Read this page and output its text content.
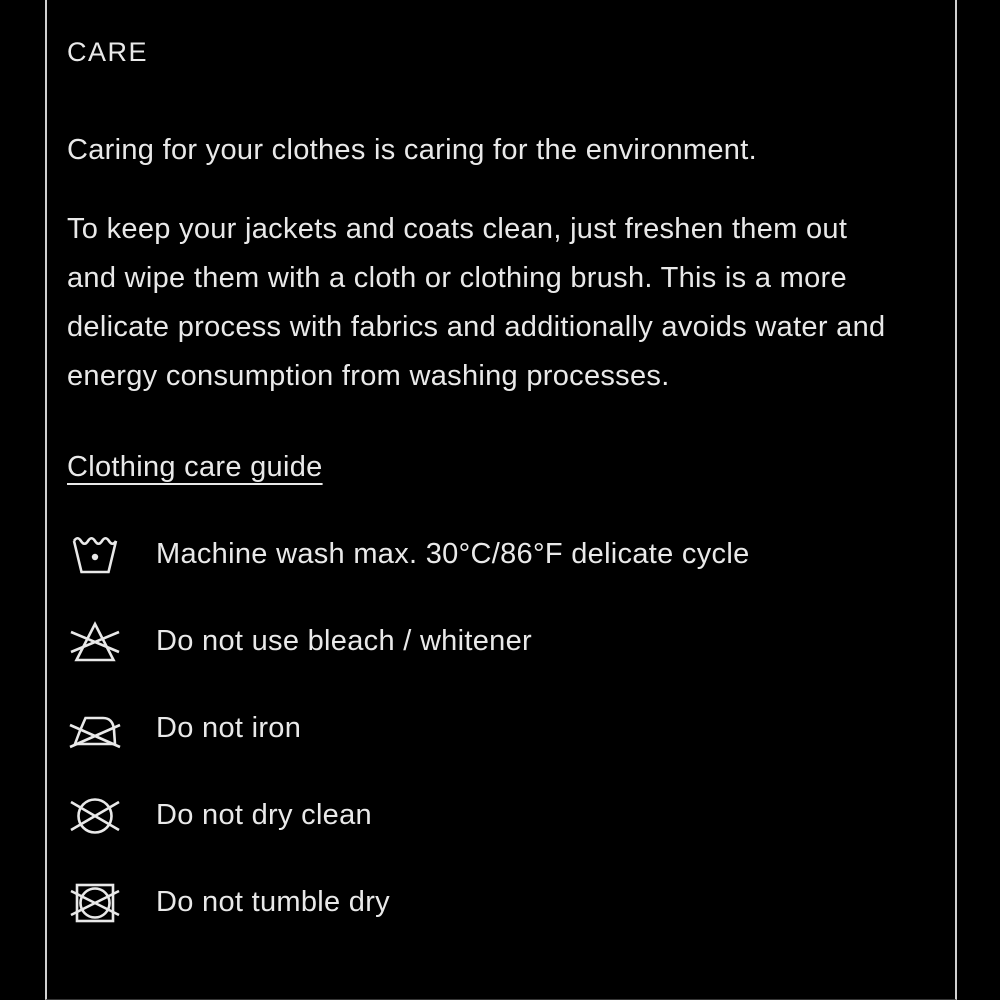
CARE

Caring for your clothes is caring for the environment.

To keep your jackets and coats clean, just freshen them out and wipe them with a cloth or clothing brush. This is a more delicate process with fabrics and additionally avoids water and energy consumption from washing processes.

Clothing care guide
Machine wash max. 30°C/86°F delicate cycle
Do not use bleach / whitener
Do not iron
Do not dry clean
Do not tumble dry
